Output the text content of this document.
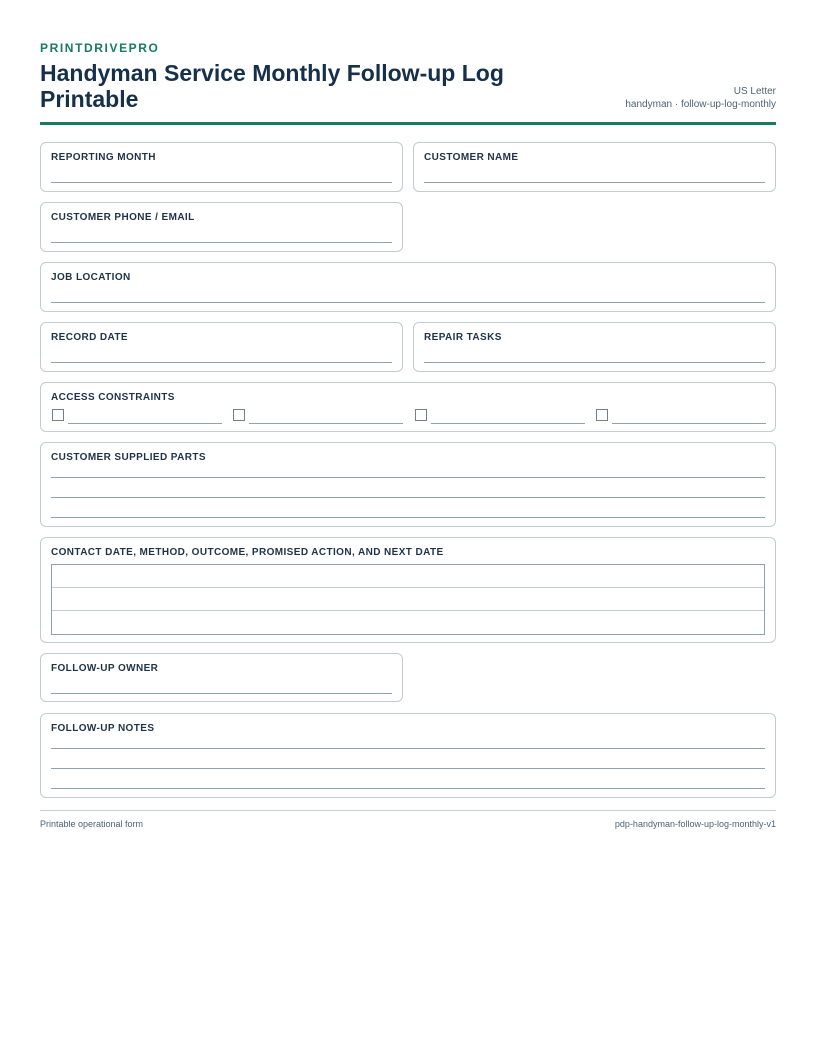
PRINTDRIVEPRO
Handyman Service Monthly Follow-up Log Printable	US Letter
handyman · follow-up-log-monthly
REPORTING MONTH	CUSTOMER NAME
CUSTOMER PHONE / EMAIL
JOB LOCATION
RECORD DATE	REPAIR TASKS
ACCESS CONSTRAINTS
CUSTOMER SUPPLIED PARTS
CONTACT DATE, METHOD, OUTCOME, PROMISED ACTION, AND NEXT DATE
FOLLOW-UP OWNER
FOLLOW-UP NOTES
Printable operational form	pdp-handyman-follow-up-log-monthly-v1
